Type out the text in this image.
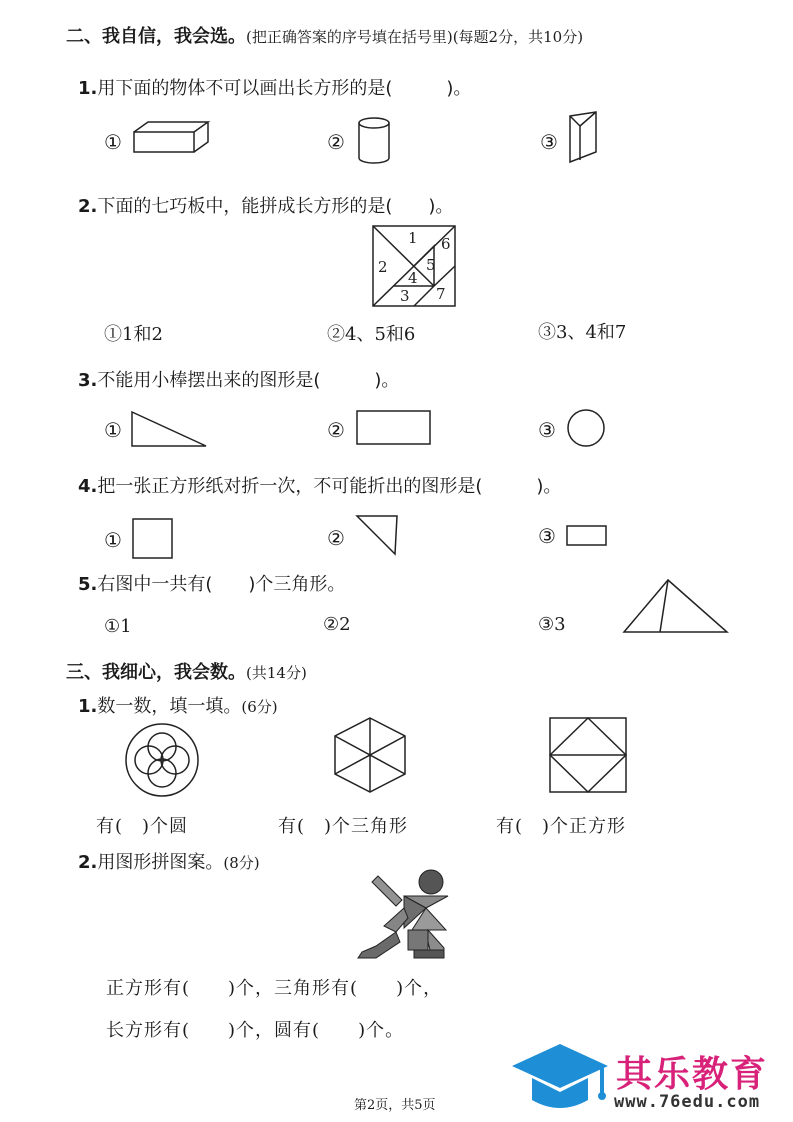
二、我自信，我会选。(把正确答案的序号填在括号里)(每题2分，共10分)
1.用下面的物体不可以画出长方形的是(　　　)。
①	②	③
2.下面的七巧板中，能拼成长方形的是(　　)。
1
2
3
4
5
6
7
①1和2	②4、5和6	③3、4和7
3.不能用小棒摆出来的图形是(　　　)。
①	②	③
4.把一张正方形纸对折一次，不可能折出的图形是(　　　)。
①	②	③
5.右图中一共有(　　)个三角形。
①1	②2	③3
三、我细心，我会数。(共14分)
1.数一数，填一填。(6分)
有(　)个圆	有(　)个三角形	有(　)个正方形
2.用图形拼图案。(8分)
正方形有(　　)个，三角形有(　　)个，
长方形有(　　)个，圆有(　　)个。
其乐教育
www.76edu.com
第2页，共5页
